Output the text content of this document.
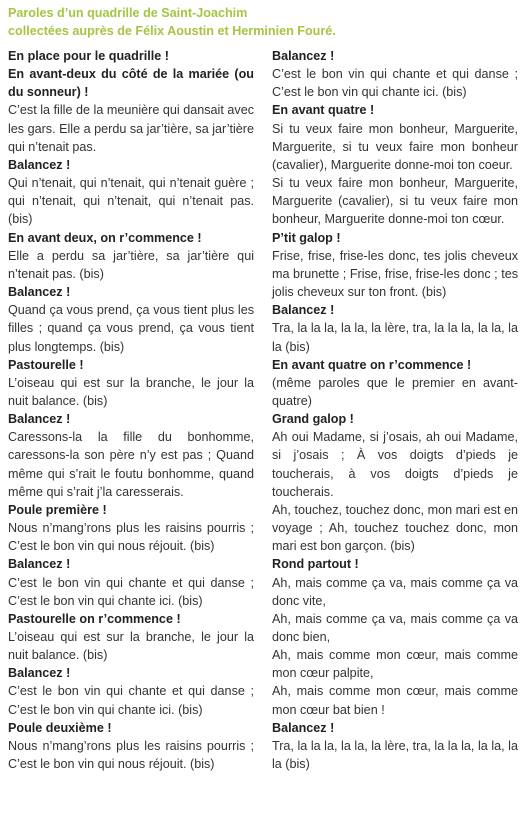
Paroles d’un quadrille de Saint-Joachim
collectées auprès de Félix Aoustin et Herminien Fouré.
En place pour le quadrille !
En avant-deux du côté de la mariée (ou du sonneur) !
C’est la fille de la meunière qui dansait avec les gars. Elle a perdu sa jar’tière, sa jar’tière qui n’tenait pas.
Balancez !
Qui n’tenait, qui n’tenait, qui n’tenait guère ; qui n’tenait, qui n’tenait, qui n’tenait pas. (bis)
En avant deux, on r’commence !
Elle a perdu sa jar’tière, sa jar’tière qui n’tenait pas. (bis)
Balancez !
Quand ça vous prend, ça vous tient plus les filles ; quand ça vous prend, ça vous tient plus longtemps. (bis)
Pastourelle !
L’oiseau qui est sur la branche, le jour la nuit balance. (bis)
Balancez !
Caressons-la la fille du bonhomme, caressons-la son père n’y est pas ; Quand même qui s’rait le foutu bonhomme, quand même qui s’rait j’la caresserais.
Poule première !
Nous n’mang’rons plus les raisins pourris ; C’est le bon vin qui nous réjouit. (bis)
Balancez !
C’est le bon vin qui chante et qui danse ; C’est le bon vin qui chante ici. (bis)
Pastourelle on r’commence !
L’oiseau qui est sur la branche, le jour la nuit balance. (bis)
Balancez !
C’est le bon vin qui chante et qui danse ; C’est le bon vin qui chante ici. (bis)
Poule deuxième !
Nous n’mang’rons plus les raisins pourris ; C’est le bon vin qui nous réjouit. (bis)
Balancez !
C’est le bon vin qui chante et qui danse ; C’est le bon vin qui chante ici. (bis)
En avant quatre !
Si tu veux faire mon bonheur, Marguerite, Marguerite, si tu veux faire mon bonheur (cavalier), Marguerite donne-moi ton coeur.
Si tu veux faire mon bonheur, Marguerite, Marguerite (cavalier), si tu veux faire mon bonheur, Marguerite donne-moi ton cœur.
P’tit galop !
Frise, frise, frise-les donc, tes jolis cheveux ma brunette ; Frise, frise, frise-les donc ; tes jolis cheveux sur ton front. (bis)
Balancez !
Tra, la la la, la la, la lère, tra, la la la, la la, la la (bis)
En avant quatre on r’commence !
(même paroles que le premier en avant-quatre)
Grand galop !
Ah oui Madame, si j’osais, ah oui Madame, si j’osais ; À vos doigts d’pieds je toucherais, à vos doigts d’pieds je toucherais.
Ah, touchez, touchez donc, mon mari est en voyage ; Ah, touchez touchez donc, mon mari est bon garçon. (bis)
Rond partout !
Ah, mais comme ça va, mais comme ça va donc vite,
Ah, mais comme ça va, mais comme ça va donc bien,
Ah, mais comme mon cœur, mais comme mon cœur palpite,
Ah, mais comme mon cœur, mais comme mon cœur bat bien !
Balancez !
Tra, la la la, la la, la lère, tra, la la la, la la, la la (bis)
